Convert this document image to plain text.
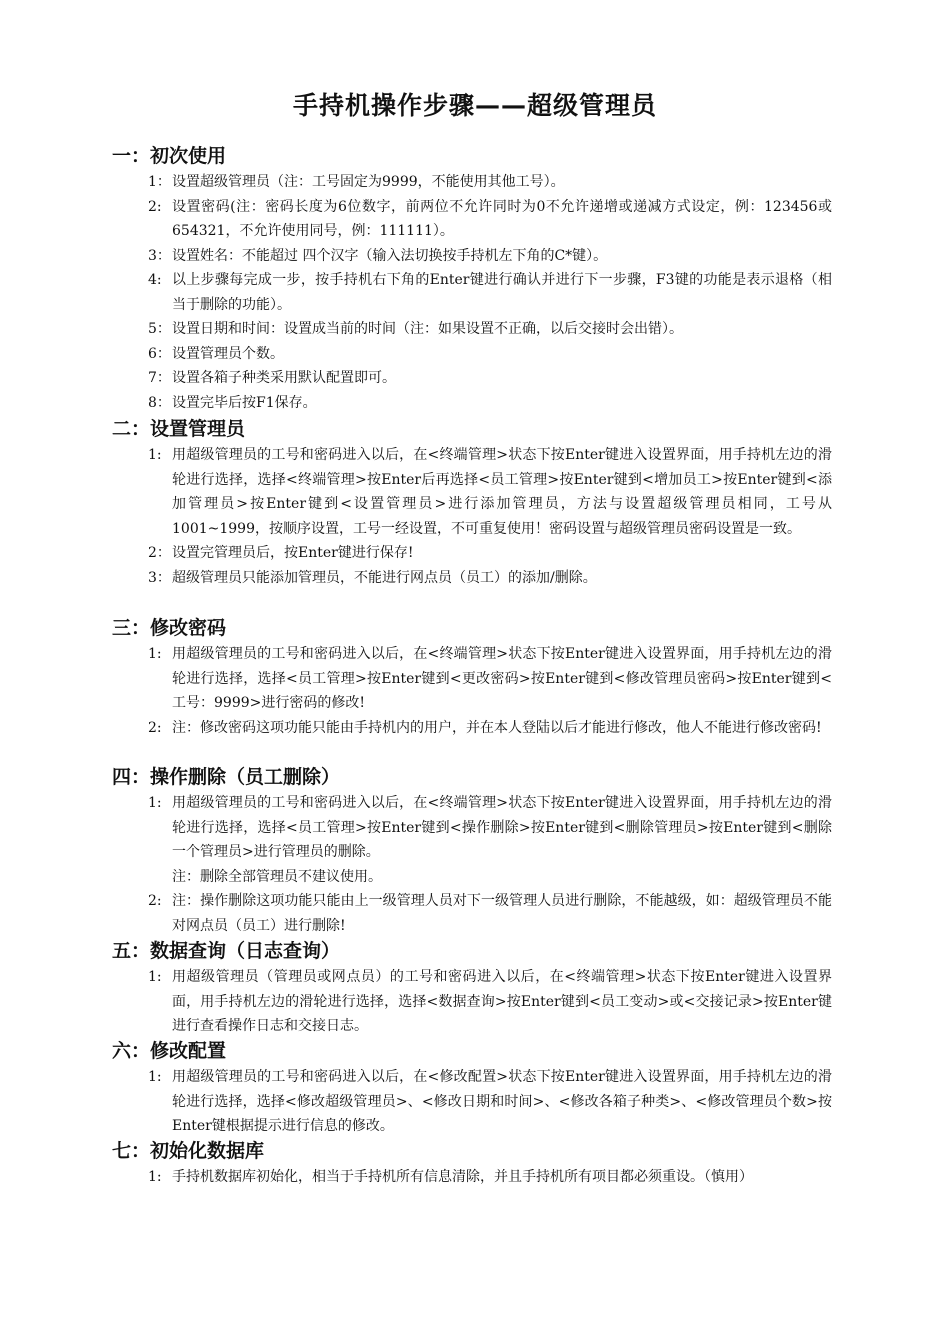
手持机操作步骤——超级管理员
一：初次使用
1： 设置超级管理员（注：工号固定为9999，不能使用其他工号）。
2: 设置密码(注：密码长度为6位数字，前两位不允许同时为0不允许递增或递减方式设定，例：123456或654321，不允许使用同号，例：111111）。
3： 设置姓名：不能超过 四个汉字（输入法切换按手持机左下角的C*键）。
4: 以上步骤每完成一步，按手持机右下角的Enter键进行确认并进行下一步骤，F3键的功能是表示退格（相当于删除的功能）。
5： 设置日期和时间：设置成当前的时间（注：如果设置不正确，以后交接时会出错）。
6： 设置管理员个数。
7： 设置各箱子种类采用默认配置即可。
8： 设置完毕后按F1保存。
二：设置管理员
1: 用超级管理员的工号和密码进入以后，在<终端管理>状态下按Enter键进入设置界面，用手持机左边的滑轮进行选择，选择<终端管理>按Enter后再选择<员工管理>按Enter键到<增加员工>按Enter键到<添加管理员>按Enter键到<设置管理员>进行添加管理员，方法与设置超级管理员相同，工号从1001~1999，按顺序设置，工号一经设置，不可重复使用！密码设置与超级管理员密码设置是一致。
2： 设置完管理员后，按Enter键进行保存!
3： 超级管理员只能添加管理员，不能进行网点员（员工）的添加/删除。
三：修改密码
1: 用超级管理员的工号和密码进入以后，在<终端管理>状态下按Enter键进入设置界面，用手持机左边的滑轮进行选择，选择<员工管理>按Enter键到<更改密码>按Enter键到<修改管理员密码>按Enter键到<工号：9999>进行密码的修改!
2: 注：修改密码这项功能只能由手持机内的用户，并在本人登陆以后才能进行修改，他人不能进行修改密码!
四：操作删除（员工删除）
1: 用超级管理员的工号和密码进入以后，在<终端管理>状态下按Enter键进入设置界面，用手持机左边的滑轮进行选择，选择<员工管理>按Enter键到<操作删除>按Enter键到<删除管理员>按Enter键到<删除一个管理员>进行管理员的删除。
注：删除全部管理员不建议使用。
2: 注：操作删除这项功能只能由上一级管理人员对下一级管理人员进行删除，不能越级，如：超级管理员不能对网点员（员工）进行删除!
五：数据查询（日志查询）
1: 用超级管理员（管理员或网点员）的工号和密码进入以后，在<终端管理>状态下按Enter键进入设置界面，用手持机左边的滑轮进行选择，选择<数据查询>按Enter键到<员工变动>或<交接记录>按Enter键进行查看操作日志和交接日志。
六：修改配置
1: 用超级管理员的工号和密码进入以后，在<修改配置>状态下按Enter键进入设置界面，用手持机左边的滑轮进行选择，选择<修改超级管理员>、<修改日期和时间>、<修改各箱子种类>、<修改管理员个数>按Enter键根据提示进行信息的修改。
七：初始化数据库
1: 手持机数据库初始化，相当于手持机所有信息清除，并且手持机所有项目都必须重设。（慎用）
